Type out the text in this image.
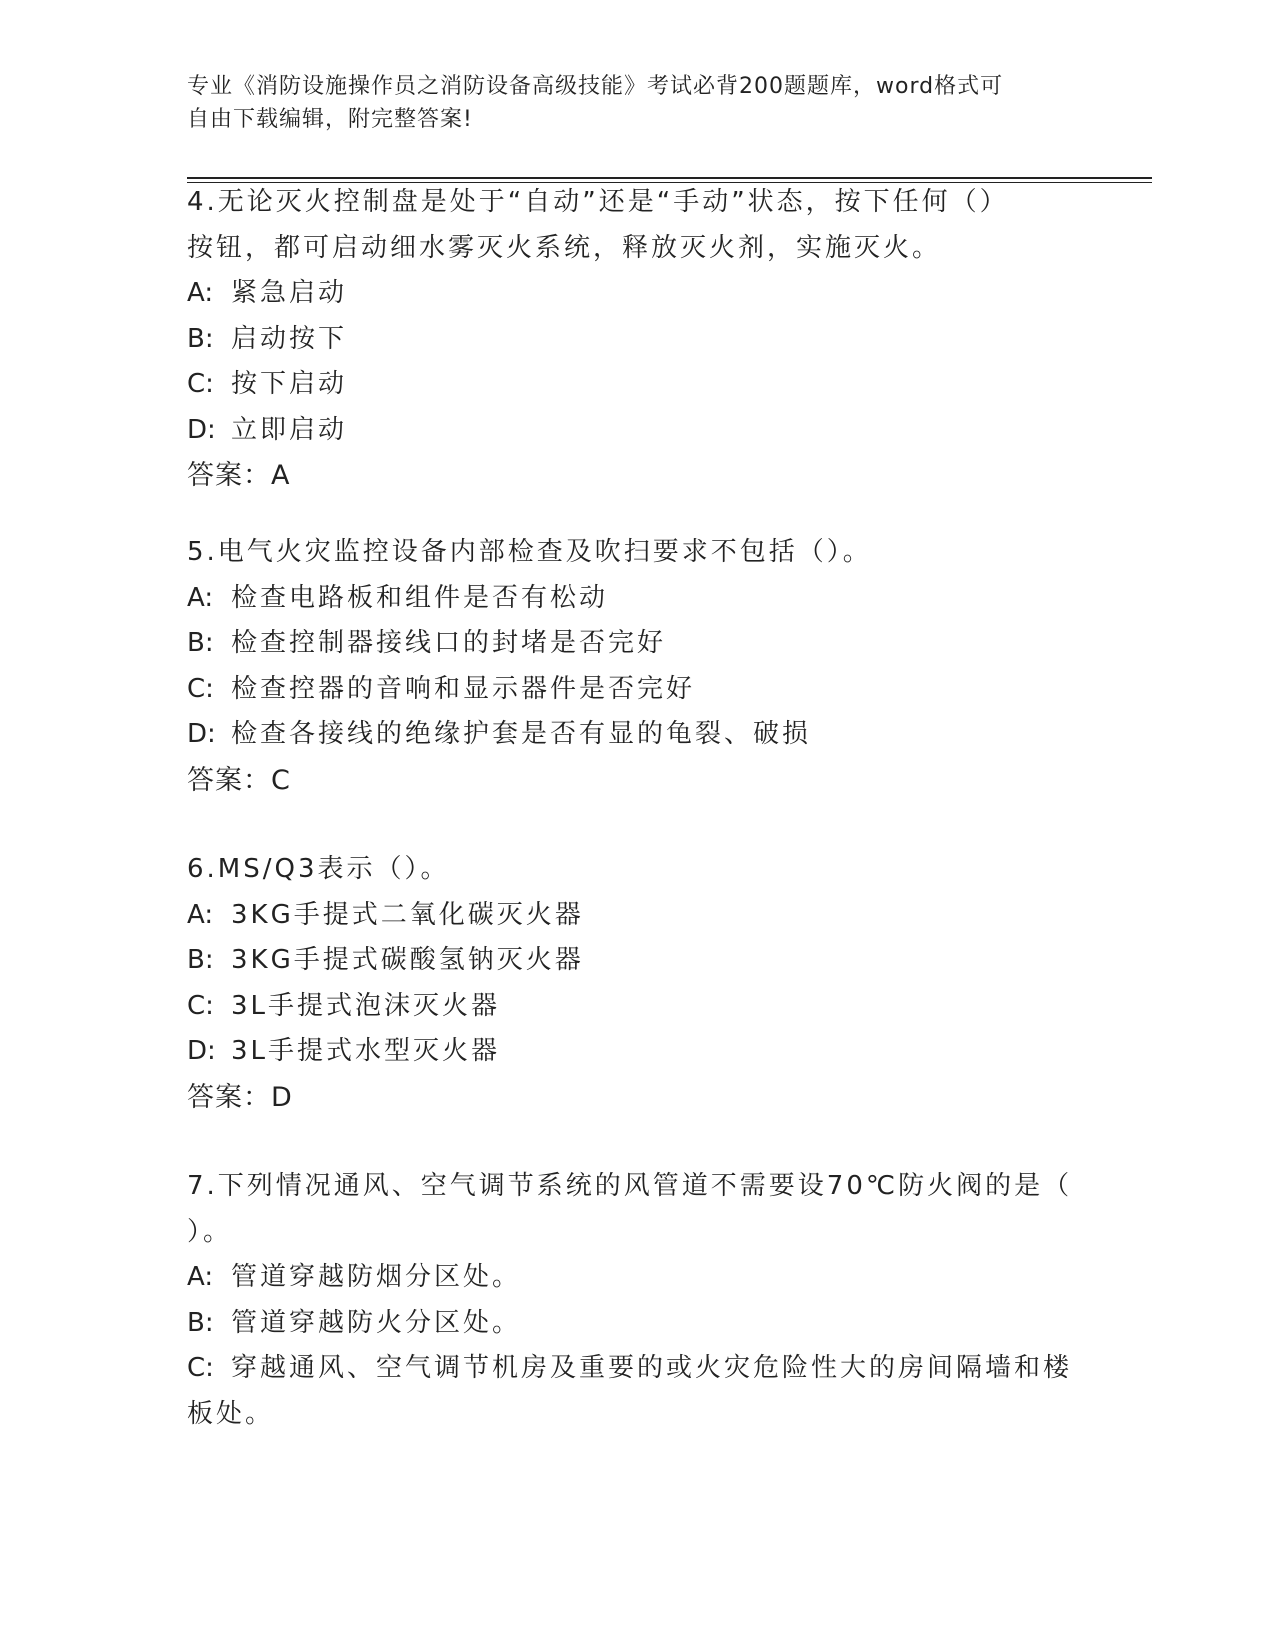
专业《消防设施操作员之消防设备高级技能》考试必背200题题库，word格式可
自由下载编辑，附完整答案!
4.无论灭火控制盘是处于“自动”还是“手动”状态，按下任何（）
按钮，都可启动细水雾灭火系统，释放灭火剂，实施灭火。
A: 紧急启动
B: 启动按下
C: 按下启动
D: 立即启动
答案：A
5.电气火灾监控设备内部检查及吹扫要求不包括（）。
A: 检查电路板和组件是否有松动
B: 检查控制器接线口的封堵是否完好
C: 检查控器的音响和显示器件是否完好
D: 检查各接线的绝缘护套是否有显的龟裂、破损
答案：C
6.MS/Q3表示（）。
A: 3KG手提式二氧化碳灭火器
B: 3KG手提式碳酸氢钠灭火器
C: 3L手提式泡沫灭火器
D: 3L手提式水型灭火器
答案：D
7.下列情况通风、空气调节系统的风管道不需要设70℃防火阀的是（
）。
A: 管道穿越防烟分区处。
B: 管道穿越防火分区处。
C: 穿越通风、空气调节机房及重要的或火灾危险性大的房间隔墙和楼
板处。
